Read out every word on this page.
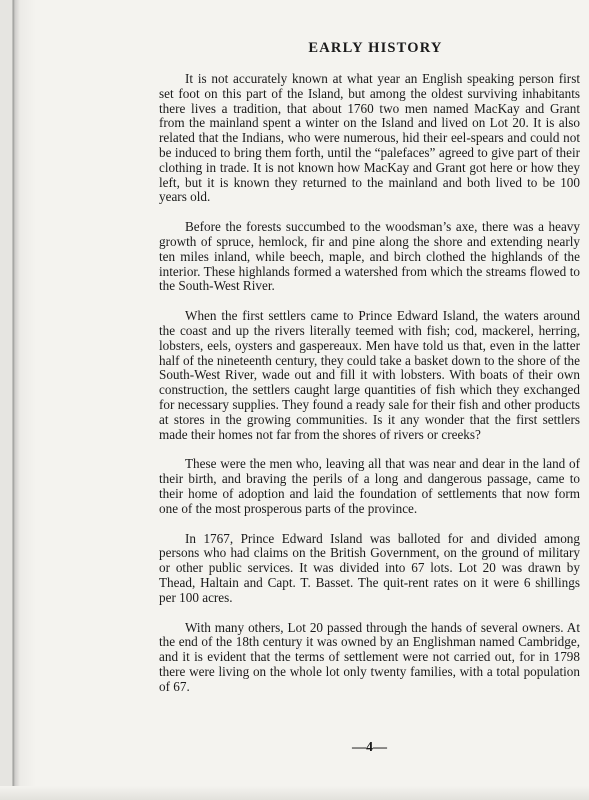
EARLY HISTORY

It is not accurately known at what year an English speaking person first set foot on this part of the Island, but among the oldest surviving inhabitants there lives a tradition, that about 1760 two men named MacKay and Grant from the mainland spent a winter on the Island and lived on Lot 20. It is also related that the Indians, who were numerous, hid their eel-spears and could not be induced to bring them forth, until the “palefaces” agreed to give part of their clothing in trade. It is not known how MacKay and Grant got here or how they left, but it is known they returned to the mainland and both lived to be 100 years old.

Before the forests succumbed to the woodsman’s axe, there was a heavy growth of spruce, hemlock, fir and pine along the shore and extending nearly ten miles inland, while beech, maple, and birch clothed the highlands of the interior. These highlands formed a watershed from which the streams flowed to the South-West River.

When the first settlers came to Prince Edward Island, the waters around the coast and up the rivers literally teemed with fish; cod, mackerel, herring, lobsters, eels, oysters and gaspereaux. Men have told us that, even in the latter half of the nineteenth century, they could take a basket down to the shore of the South-West River, wade out and fill it with lobsters. With boats of their own construction, the settlers caught large quantities of fish which they exchanged for necessary supplies. They found a ready sale for their fish and other products at stores in the growing communities. Is it any wonder that the first settlers made their homes not far from the shores of rivers or creeks?

These were the men who, leaving all that was near and dear in the land of their birth, and braving the perils of a long and dangerous passage, came to their home of adoption and laid the foundation of settlements that now form one of the most prosperous parts of the province.

In 1767, Prince Edward Island was balloted for and divided among persons who had claims on the British Government, on the ground of military or other public services. It was divided into 67 lots. Lot 20 was drawn by Thead, Haltain and Capt. T. Basset. The quit-rent rates on it were 6 shillings per 100 acres.

With many others, Lot 20 passed through the hands of several owners. At the end of the 18th century it was owned by an Englishman named Cambridge, and it is evident that the terms of settlement were not carried out, for in 1798 there were living on the whole lot only twenty families, with a total population of 67.

—4—
